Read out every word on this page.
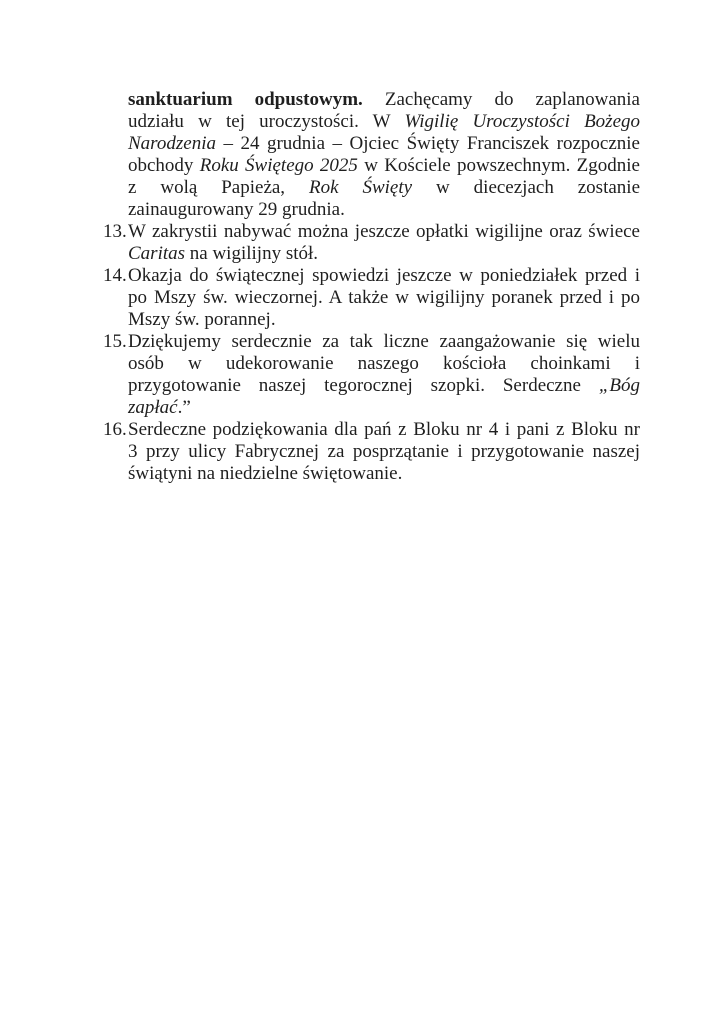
sanktuarium odpustowym. Zachęcamy do zaplanowania
udziału w tej uroczystości. W Wigilię Uroczystości Bożego
Narodzenia – 24 grudnia – Ojciec Święty Franciszek rozpocznie
obchody Roku Świętego 2025 w Kościele powszechnym. Zgodnie
z wolą Papieża, Rok Święty w diecezjach zostanie
zainaugurowany 29 grudnia.
13. W zakrystii nabywać można jeszcze opłatki wigilijne oraz świece
Caritas na wigilijny stół.
14. Okazja do świątecznej spowiedzi jeszcze w poniedziałek przed i
po Mszy św. wieczornej. A także w wigilijny poranek przed i po
Mszy św. porannej.
15. Dziękujemy serdecznie za tak liczne zaangażowanie się wielu
osób w udekorowanie naszego kościoła choinkami i
przygotowanie naszej tegorocznej szopki. Serdeczne „Bóg
zapłać.”
16. Serdeczne podziękowania dla pań z Bloku nr 4 i pani z Bloku nr
3 przy ulicy Fabrycznej za posprzątanie i przygotowanie naszej
świątyni na niedzielne świętowanie.
